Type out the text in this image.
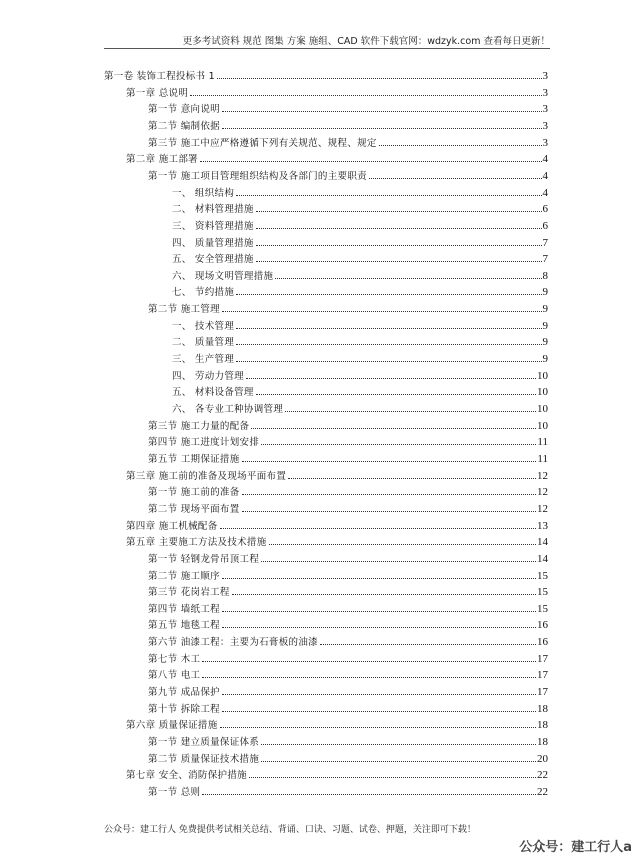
更多考试资料 规范 图集 方案 施组、CAD 软件下载官网：wdzyk.com 查看每日更新！
第一卷 装饰工程投标书 1	3
第一章 总说明	3
第一节 意向说明	3
第二节 编制依据	3
第三节 施工中应严格遵循下列有关规范、规程、规定	3
第二章 施工部署	4
第一节 施工项目管理组织结构及各部门的主要职责	4
一、 组织结构	4
二、 材料管理措施	6
三、 资料管理措施	6
四、 质量管理措施	7
五、 安全管理措施	7
六、 现场文明管理措施	8
七、 节约措施	9
第二节 施工管理	9
一、 技术管理	9
二、 质量管理	9
三、 生产管理	9
四、 劳动力管理	10
五、 材料设备管理	10
六、 各专业工种协调管理	10
第三节 施工力量的配备	10
第四节 施工进度计划安排	11
第五节 工期保证措施	11
第三章 施工前的准备及现场平面布置	12
第一节 施工前的准备	12
第二节 现场平面布置	12
第四章 施工机械配备	13
第五章 主要施工方法及技术措施	14
第一节 轻钢龙骨吊顶工程	14
第二节 施工顺序	15
第三节 花岗岩工程	15
第四节 墙纸工程	15
第五节 地毯工程	16
第六节 油漆工程：主要为石膏板的油漆	16
第七节 木工	17
第八节 电工	17
第九节 成品保护	17
第十节 拆除工程	18
第六章 质量保证措施	18
第一节 建立质量保证体系	18
第二节 质量保证技术措施	20
第七章 安全、消防保护措施	22
第一节 总则	22
公众号：建工行人 免费提供考试相关总结、背诵、口诀、习题、试卷、押题，关注即可下载！
公众号：建工行人a
